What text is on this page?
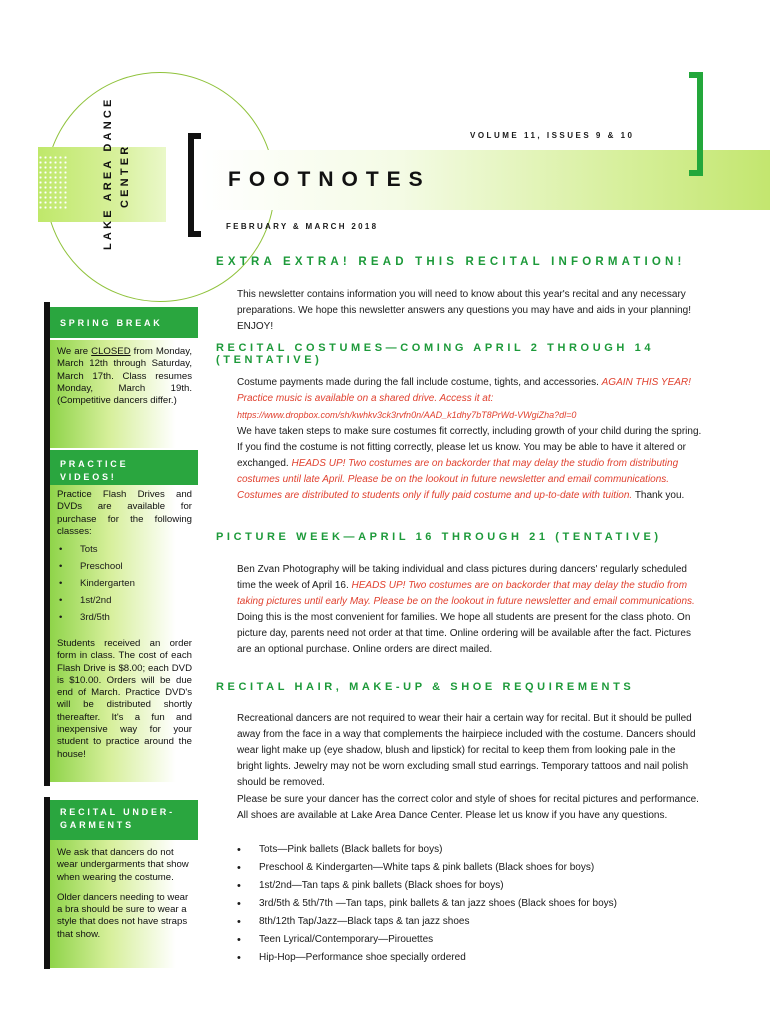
LAKE AREA DANCE CENTER
VOLUME 11, ISSUES 9 & 10
FOOTNOTES
FEBRUARY & MARCH 2018
EXTRA EXTRA! READ THIS RECITAL INFORMATION!
This newsletter contains information you will need to know about this year's recital and any necessary preparations. We hope this newsletter answers any questions you may have and aids in your planning! ENJOY!
RECITAL COSTUMES—COMING APRIL 2 THROUGH 14
(TENTATIVE)
Costume payments made during the fall include costume, tights, and accessories. AGAIN THIS YEAR! Practice music is available on a shared drive. Access it at:
https://www.dropbox.com/sh/kwhkv3ck3rvfn0n/AAD_k1dhy7bT8PrWd-VWgiZha?dl=0
We have taken steps to make sure costumes fit correctly, including growth of your child during the spring. If you find the costume is not fitting correctly, please let us know. You may be able to have it altered or exchanged. HEADS UP! Two costumes are on backorder that may delay the studio from distributing costumes until late April. Please be on the lookout in future newsletter and email communications. Costumes are distributed to students only if fully paid costume and up-to-date with tuition. Thank you.
PICTURE WEEK—APRIL 16 THROUGH 21 (TENTATIVE)
Ben Zvan Photography will be taking individual and class pictures during dancers' regularly scheduled time the week of April 16. HEADS UP! Two costumes are on backorder that may delay the studio from taking pictures until early May. Please be on the lookout in future newsletter and email communications. Doing this is the most convenient for families. We hope all students are present for the class photo. On picture day, parents need not order at that time. Online ordering will be available after the fact. Pictures are an optional purchase. Online orders are direct mailed.
RECITAL HAIR, MAKE-UP & SHOE REQUIREMENTS
Recreational dancers are not required to wear their hair a certain way for recital. But it should be pulled away from the face in a way that complements the hairpiece included with the costume. Dancers should wear light make up (eye shadow, blush and lipstick) for recital to keep them from looking pale in the bright lights. Jewelry may not be worn excluding small stud earrings. Temporary tattoos and nail polish should be removed.
Please be sure your dancer has the correct color and style of shoes for recital pictures and performance. All shoes are available at Lake Area Dance Center. Please let us know if you have any questions.
• Tots—Pink ballets (Black ballets for boys)
• Preschool & Kindergarten—White taps & pink ballets (Black shoes for boys)
• 1st/2nd—Tan taps & pink ballets (Black shoes for boys)
• 3rd/5th & 5th/7th —Tan taps, pink ballets & tan jazz shoes (Black shoes for boys)
• 8th/12th Tap/Jazz—Black taps & tan jazz shoes
• Teen Lyrical/Contemporary—Pirouettes
• Hip-Hop—Performance shoe specially ordered
SPRING BREAK
We are CLOSED from Monday, March 12th through Saturday, March 17th. Class resumes Monday, March 19th. (Competitive dancers differ.)
PRACTICE
VIDEOS!
Practice Flash Drives and DVDs are available for purchase for the following classes:
• Tots
• Preschool
• Kindergarten
• 1st/2nd
• 3rd/5th
Students received an order form in class. The cost of each Flash Drive is $8.00; each DVD is $10.00. Orders will be due end of March. Practice DVD's will be distributed shortly thereafter. It's a fun and inexpensive way for your student to practice around the house!
RECITAL UNDER-
GARMENTS

We ask that dancers do not wear undergarments that show when wearing the costume.

Older dancers needing to wear a bra should be sure to wear a style that does not have straps that show.
